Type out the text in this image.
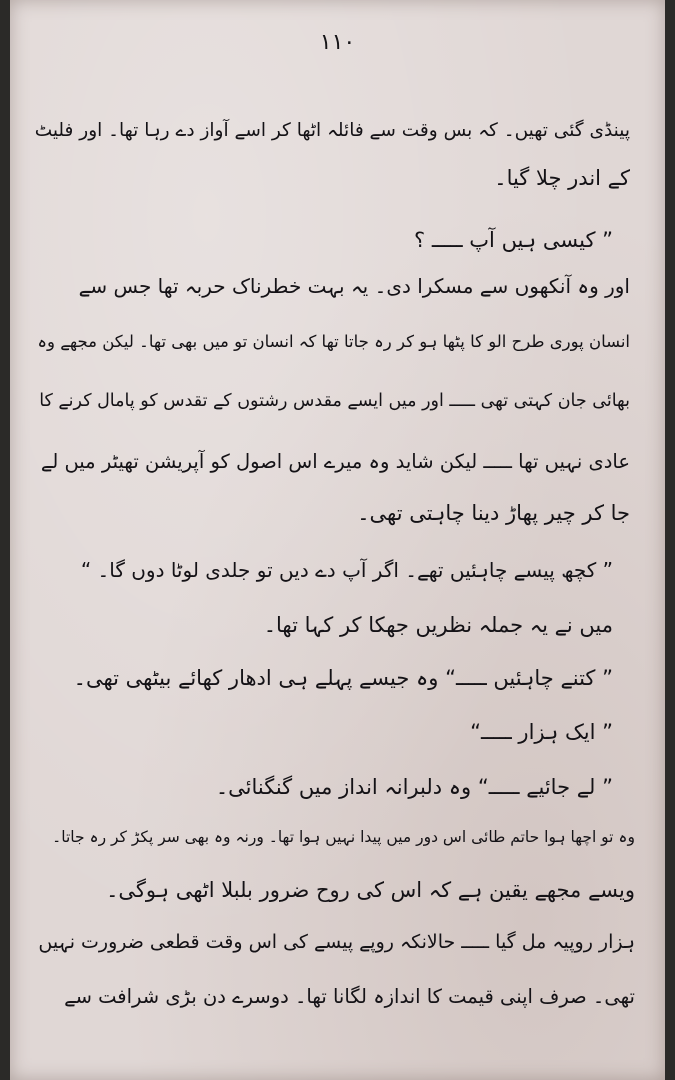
١١٠
پینڈی گئی تھیں۔ کہ بس وقت سے فائلہ اٹھا کر اسے آواز دے رہا تھا۔ اور فلیٹ
کے اندر چلا گیا۔
” کیسی ہیں آپ ـــــ ؟
اور وہ آنکھوں سے مسکرا دی۔ یہ بہت خطرناک حربہ تھا جس سے
انسان پوری طرح الو کا پٹھا ہو کر رہ جاتا تھا کہ انسان تو میں بھی تھا۔ لیکن مجھے وہ
بھائی جان کہتی تھی ـــــ اور میں ایسے مقدس رشتوں کے تقدس کو پامال کرنے کا
عادی نہیں تھا ـــــ لیکن شاید وہ میرے اس اصول کو آپریشن تھیٹر میں لے
جا کر چیر پھاڑ دینا چاہتی تھی۔
” کچھ پیسے چاہئیں تھے۔ اگر آپ دے دیں تو جلدی لوٹا دوں گا۔ “
میں نے یہ جملہ نظریں جھکا کر کہا تھا۔
” کتنے چاہئیں ـــــ“ وہ جیسے پہلے ہی ادھار کھائے بیٹھی تھی۔
” ایک ہزار ـــــ“
” لے جائیے ـــــ“ وہ دلبرانہ انداز میں گنگنائی۔
وہ تو اچھا ہوا حاتم طائی اس دور میں پیدا نہیں ہوا تھا۔ ورنہ وہ بھی سر پکڑ کر رہ جاتا۔
ویسے مجھے یقین ہے کہ اس کی روح ضرور بلبلا اٹھی ہوگی۔
ہزار روپیہ مل گیا ـــــ حالانکہ روپے پیسے کی اس وقت قطعی ضرورت نہیں
تھی۔ صرف اپنی قیمت کا اندازہ لگانا تھا۔ دوسرے دن بڑی شرافت سے
